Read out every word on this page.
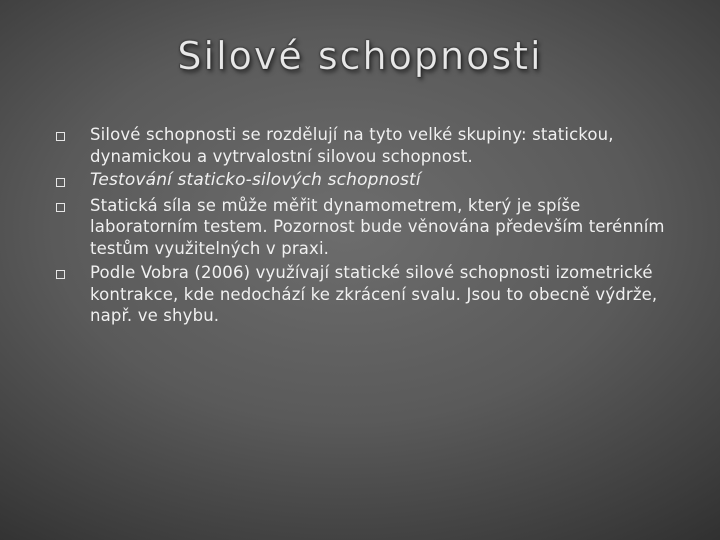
Silové schopnosti
Silové schopnosti se rozdělují na tyto velké skupiny: statickou, dynamickou a vytrvalostní silovou schopnost.
Testování staticko-silových schopností
Statická síla se může měřit dynamometrem, který je spíše laboratorním testem. Pozornost bude věnována především terénním testům využitelných v praxi.
Podle Vobra (2006) využívají statické silové schopnosti izometrické kontrakce, kde nedochází ke zkrácení svalu. Jsou to obecně výdrže, např. ve shybu.
